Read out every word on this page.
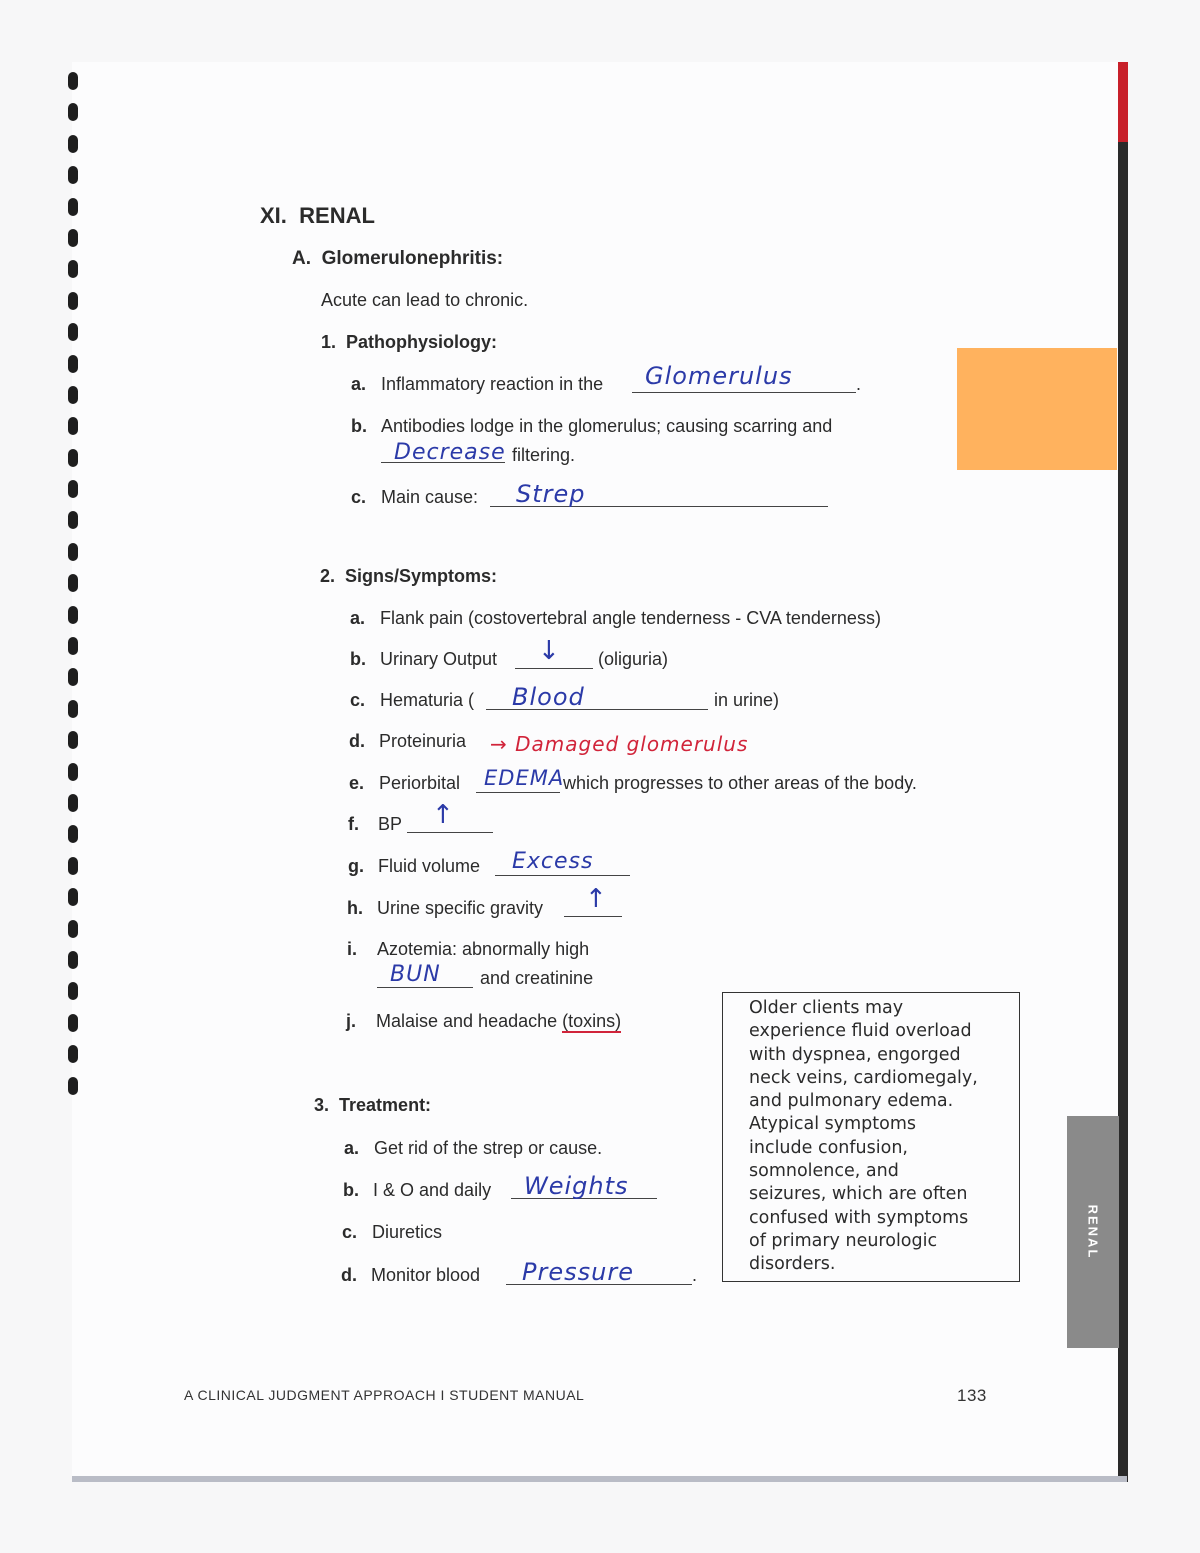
RENAL
XI. RENAL
A. Glomerulonephritis:
Acute can lead to chronic.
1. Pathophysiology:
a. Inflammatory reaction in the Glomerulus	.
b. Antibodies lodge in the glomerulus; causing scarring and
Decrease filtering.
c. Main cause: Strep
2. Signs/Symptoms:
a. Flank pain (costovertebral angle tenderness - CVA tenderness)
b. Urinary Output ↓ (oliguria)
c. Hematuria ( Blood	in urine)
d. Proteinuria → Damaged glomerulus
e. Periorbital EDEMA
which progresses to other areas of the body.
f. BP ↑
g. Fluid volume Excess
h. Urine specific gravity ↑
i. Azotemia: abnormally high
BUN and creatinine
j. Malaise and headache (toxins)
3. Treatment:
a. Get rid of the strep or cause.
b. I & O and daily Weights
c. Diuretics
d. Monitor blood Pressure	.
Older clients may
experience fluid overload
with dyspnea, engorged
neck veins, cardiomegaly,
and pulmonary edema.
Atypical symptoms
include confusion,
somnolence, and
seizures, which are often
confused with symptoms
of primary neurologic
disorders.
A CLINICAL JUDGMENT APPROACH I STUDENT MANUAL	133
